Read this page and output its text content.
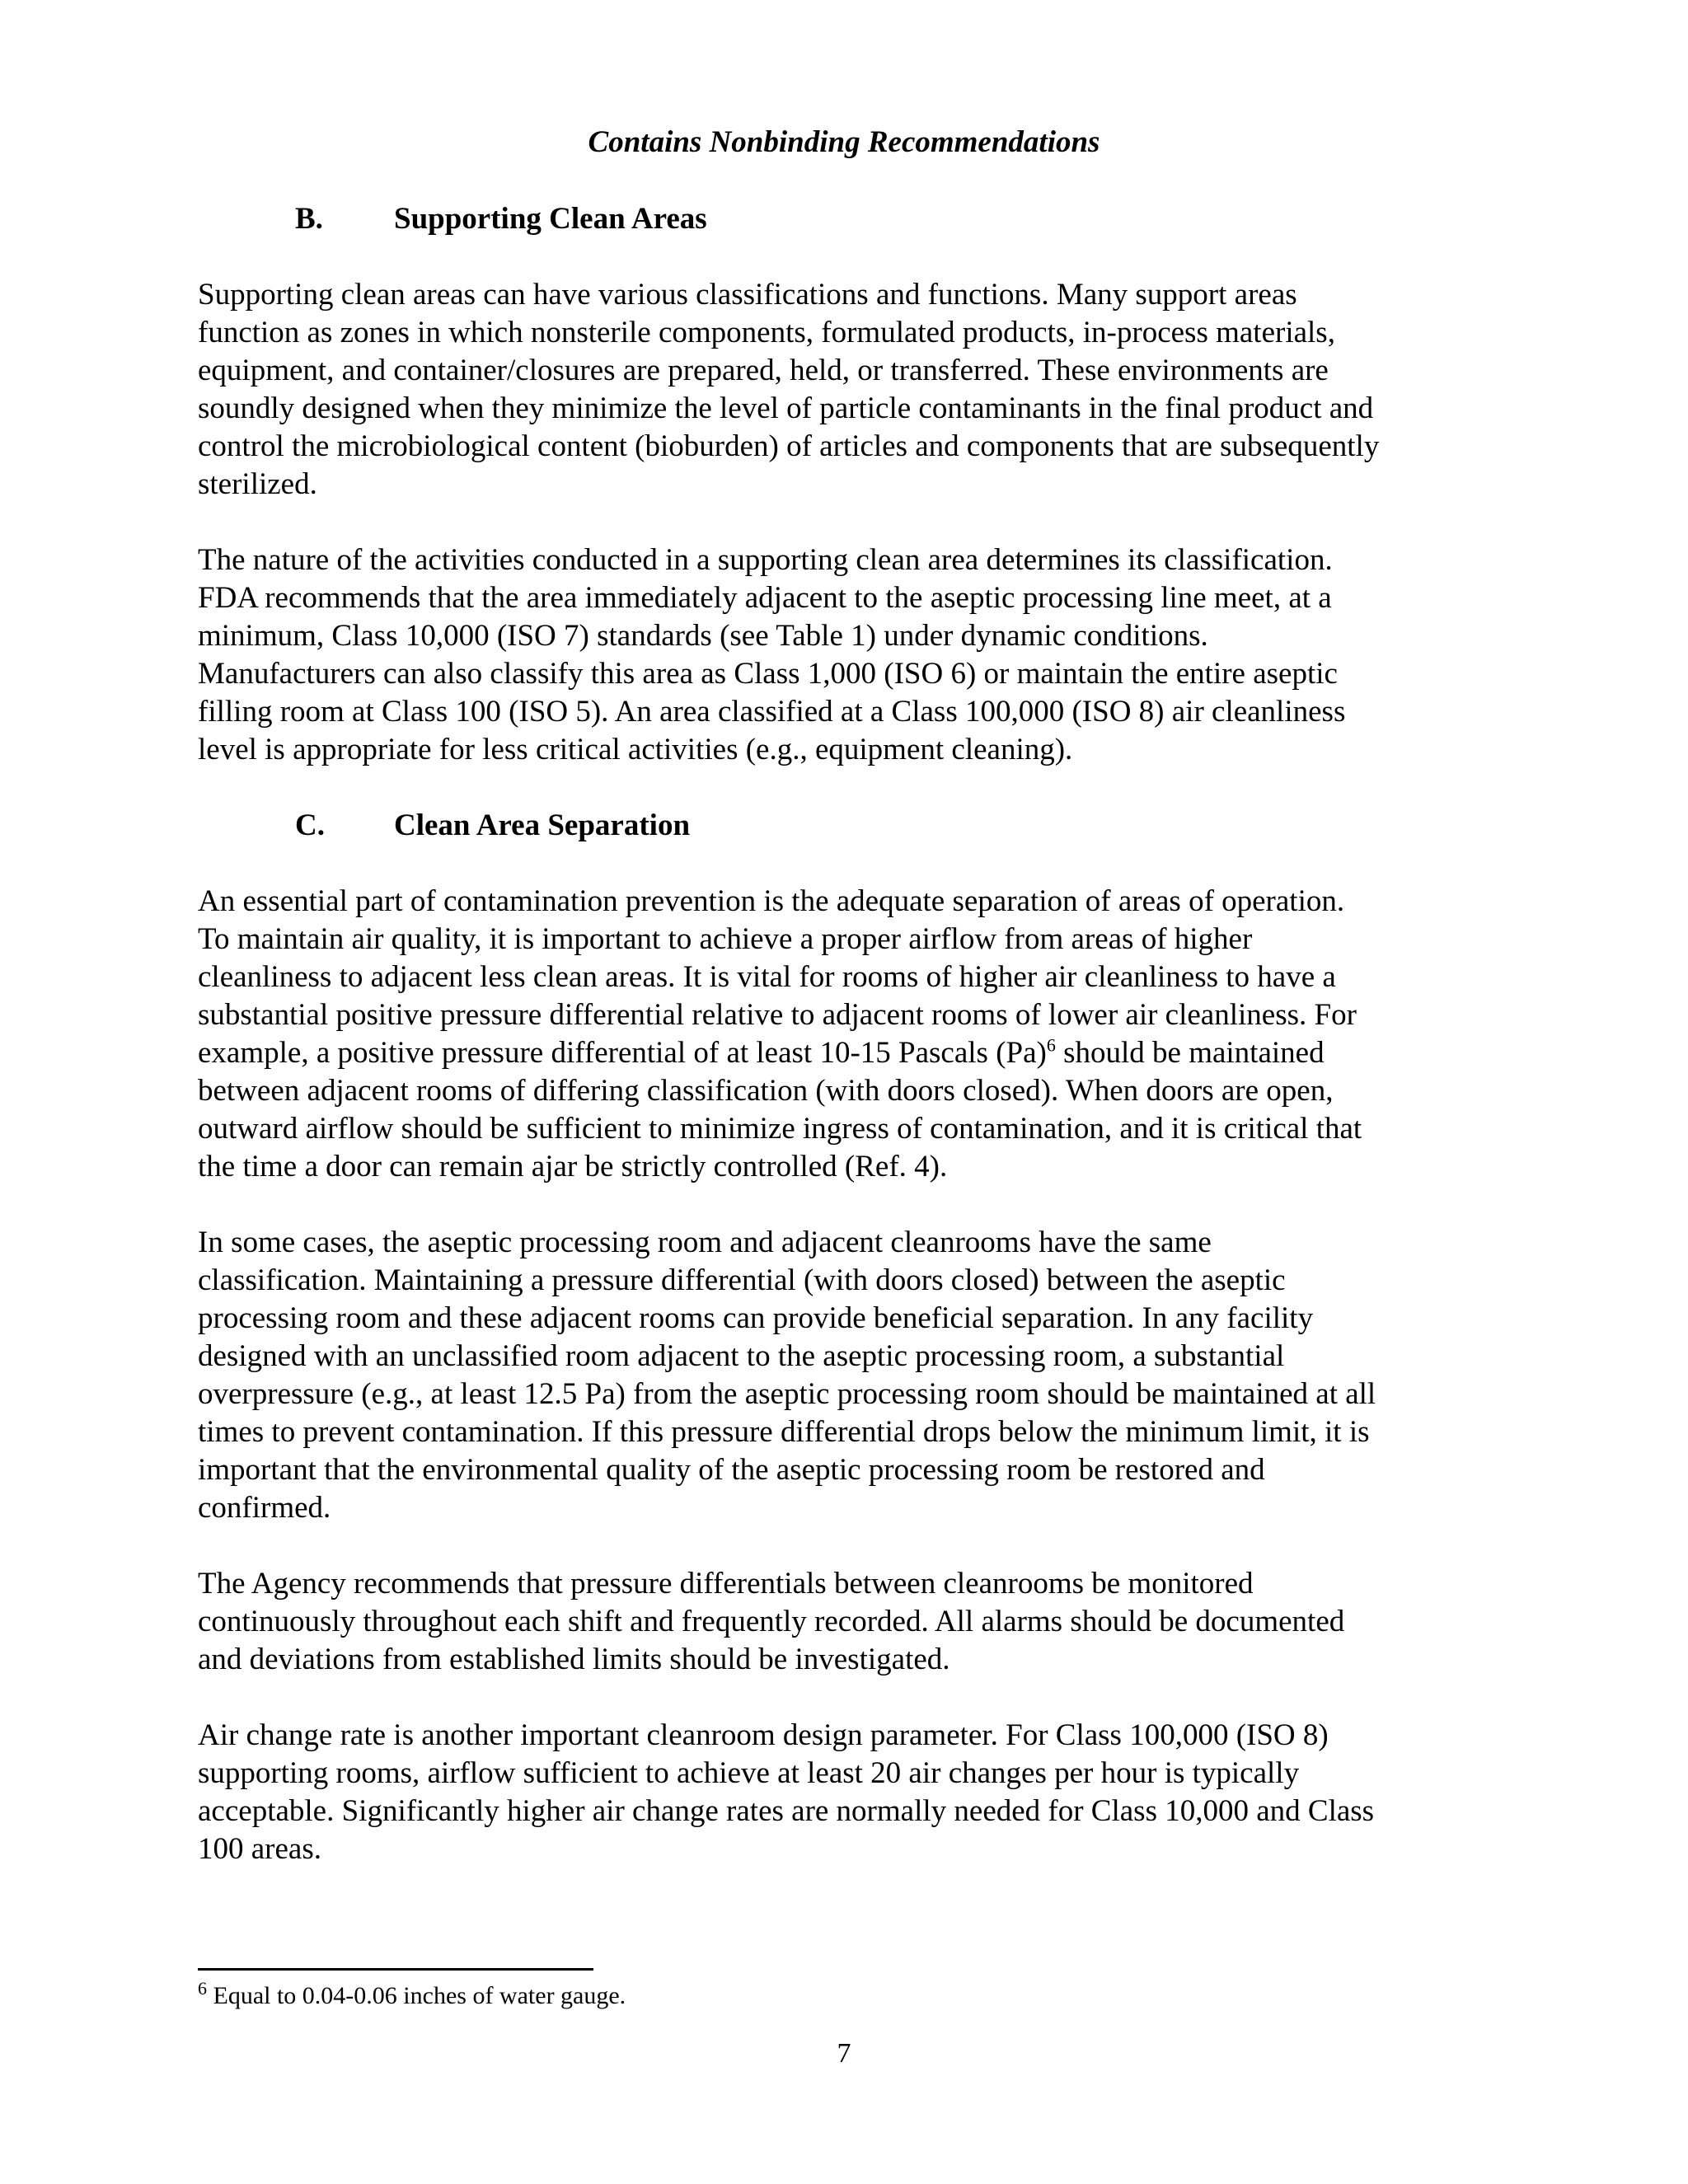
Contains Nonbinding Recommendations

B. Supporting Clean Areas

Supporting clean areas can have various classifications and functions. Many support areas
function as zones in which nonsterile components, formulated products, in-process materials,
equipment, and container/closures are prepared, held, or transferred. These environments are
soundly designed when they minimize the level of particle contaminants in the final product and
control the microbiological content (bioburden) of articles and components that are subsequently
sterilized.
The nature of the activities conducted in a supporting clean area determines its classification.
FDA recommends that the area immediately adjacent to the aseptic processing line meet, at a
minimum, Class 10,000 (ISO 7) standards (see Table 1) under dynamic conditions.
Manufacturers can also classify this area as Class 1,000 (ISO 6) or maintain the entire aseptic
filling room at Class 100 (ISO 5). An area classified at a Class 100,000 (ISO 8) air cleanliness
level is appropriate for less critical activities (e.g., equipment cleaning).

C. Clean Area Separation

An essential part of contamination prevention is the adequate separation of areas of operation.
To maintain air quality, it is important to achieve a proper airflow from areas of higher
cleanliness to adjacent less clean areas. It is vital for rooms of higher air cleanliness to have a
substantial positive pressure differential relative to adjacent rooms of lower air cleanliness. For
example, a positive pressure differential of at least 10-15 Pascals $(Pa)^6$ should be maintained
between adjacent rooms of differing classification (with doors closed). When doors are open,
outward airflow should be sufficient to minimize ingress of contamination, and it is critical that
the time a door can remain ajar be strictly controlled (Ref. 4).
In some cases, the aseptic processing room and adjacent cleanrooms have the same
classification. Maintaining a pressure differential (with doors closed) between the aseptic
processing room and these adjacent rooms can provide beneficial separation. In any facility
designed with an unclassified room adjacent to the aseptic processing room, a substantial
overpressure (e.g., at least 12.5 Pa) from the aseptic processing room should be maintained at all
times to prevent contamination. If this pressure differential drops below the minimum limit, it is
important that the environmental quality of the aseptic processing room be restored and
confirmed.
The Agency recommends that pressure differentials between cleanrooms be monitored
continuously throughout each shift and frequently recorded. All alarms should be documented
and deviations from established limits should be investigated.
Air change rate is another important cleanroom design parameter. For Class 100,000 (ISO 8)
supporting rooms, airflow sufficient to achieve at least 20 air changes per hour is typically
acceptable. Significantly higher air change rates are normally needed for Class 10,000 and Class
100 areas.

$^6$ Equal to 0.04-0.06 inches of water gauge.

7
